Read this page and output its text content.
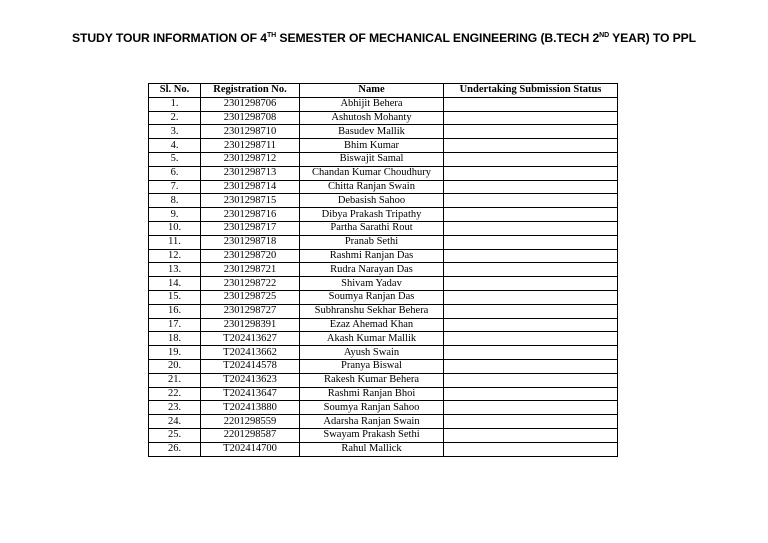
STUDY TOUR INFORMATION OF 4TH SEMESTER OF MECHANICAL ENGINEERING (B.TECH 2ND YEAR) TO PPL
Sl. No.	Registration No.	Name	Undertaking Submission Status
1.	2301298706	Abhijit Behera	
2.	2301298708	Ashutosh Mohanty	
3.	2301298710	Basudev Mallik	
4.	2301298711	Bhim Kumar	
5.	2301298712	Biswajit Samal	
6.	2301298713	Chandan Kumar Choudhury	
7.	2301298714	Chitta Ranjan Swain	
8.	2301298715	Debasish Sahoo	
9.	2301298716	Dibya Prakash Tripathy	
10.	2301298717	Partha Sarathi Rout	
11.	2301298718	Pranab Sethi	
12.	2301298720	Rashmi Ranjan Das	
13.	2301298721	Rudra Narayan Das	
14.	2301298722	Shivam Yadav	
15.	2301298725	Soumya Ranjan Das	
16.	2301298727	Subhranshu Sekhar Behera	
17.	2301298391	Ezaz Ahemad Khan	
18.	T202413627	Akash Kumar Mallik	
19.	T202413662	Ayush Swain	
20.	T202414578	Pranya Biswal	
21.	T202413623	Rakesh Kumar Behera	
22.	T202413647	Rashmi Ranjan Bhoi	
23.	T202413880	Soumya Ranjan Sahoo	
24.	2201298559	Adarsha Ranjan Swain	
25.	2201298587	Swayam Prakash Sethi	
26.	T202414700	Rahul Mallick	
